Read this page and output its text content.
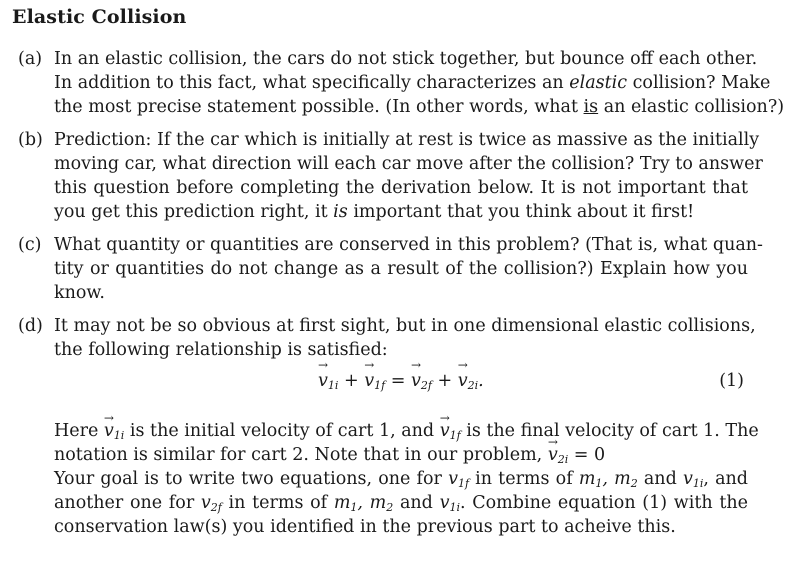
Elastic Collision
(a) In an elastic collision, the cars do not stick together, but bounce off each other.
In addition to this fact, what specifically characterizes an elastic collision? Make
the most precise statement possible. (In other words, what is an elastic collision?)
(b) Prediction: If the car which is initially at rest is twice as massive as the initially
moving car, what direction will each car move after the collision? Try to answer
this question before completing the derivation below. It is not important that
you get this prediction right, it is important that you think about it first!
(c) What quantity or quantities are conserved in this problem? (That is, what quan-
tity or quantities do not change as a result of the collision?) Explain how you
know.
(d) It may not be so obvious at first sight, but in one dimensional elastic collisions,
the following relationship is satisfied:
→ $v_{1i}$ + → $v_{1f}$ = → $v_{2f}$ + → $v_{2i}$.	(1)
Here → $v_{1i}$ is the initial velocity of cart 1, and → $v_{1f}$ is the final velocity of cart 1. The
notation is similar for cart 2. Note that in our problem, → $v_{2i} = 0$
Your goal is to write two equations, one for $v_{1f}$ in terms of $m_1$, $m_2$ and $v_{1i}$, and
another one for $v_{2f}$ in terms of $m_1$, $m_2$ and $v_{1i}$. Combine equation (1) with the
conservation law(s) you identified in the previous part to acheive this.
